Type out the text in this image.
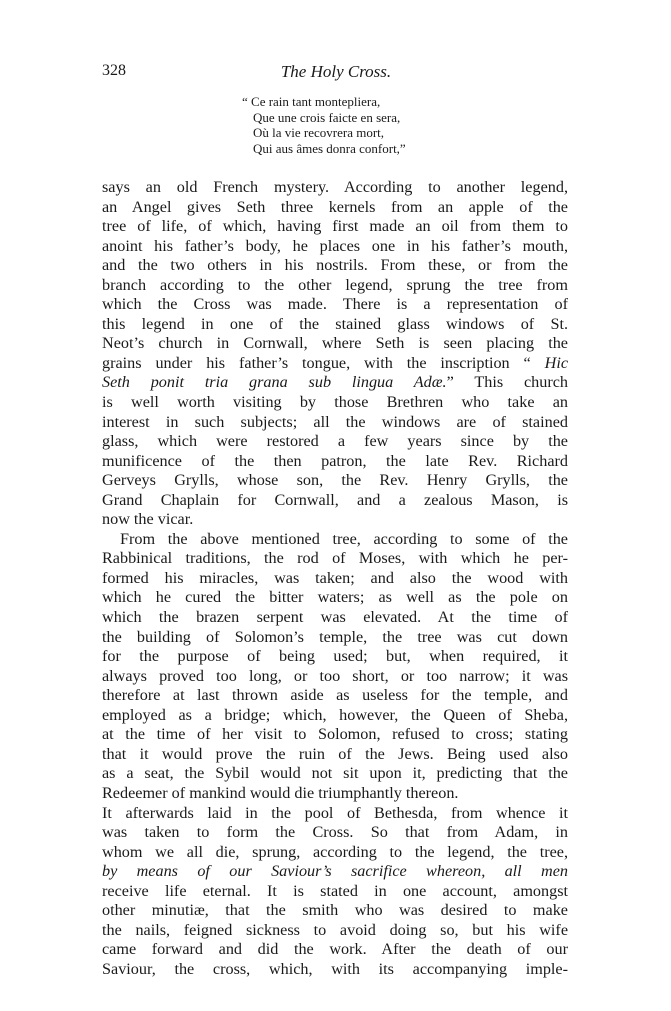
328	The Holy Cross.
“ Ce rain tant montepliera,
Que une crois faicte en sera,
Où la vie recovrera mort,
Qui aus âmes donra confort,”
says an old French mystery. According to another legend,
an Angel gives Seth three kernels from an apple of the
tree of life, of which, having first made an oil from them to
anoint his father’s body, he places one in his father’s mouth,
and the two others in his nostrils. From these, or from the
branch according to the other legend, sprung the tree from
which the Cross was made. There is a representation of
this legend in one of the stained glass windows of St.
Neot’s church in Cornwall, where Seth is seen placing the
grains under his father’s tongue, with the inscription “ Hic
Seth ponit tria grana sub lingua Adæ.” This church
is well worth visiting by those Brethren who take an
interest in such subjects; all the windows are of stained
glass, which were restored a few years since by the
munificence of the then patron, the late Rev. Richard
Gerveys Grylls, whose son, the Rev. Henry Grylls, the
Grand Chaplain for Cornwall, and a zealous Mason, is
now the vicar.
From the above mentioned tree, according to some of the
Rabbinical traditions, the rod of Moses, with which he per-
formed his miracles, was taken; and also the wood with
which he cured the bitter waters; as well as the pole on
which the brazen serpent was elevated. At the time of
the building of Solomon’s temple, the tree was cut down
for the purpose of being used; but, when required, it
always proved too long, or too short, or too narrow; it was
therefore at last thrown aside as useless for the temple, and
employed as a bridge; which, however, the Queen of Sheba,
at the time of her visit to Solomon, refused to cross; stating
that it would prove the ruin of the Jews. Being used also
as a seat, the Sybil would not sit upon it, predicting that the
Redeemer of mankind would die triumphantly thereon.
It afterwards laid in the pool of Bethesda, from whence it
was taken to form the Cross. So that from Adam, in
whom we all die, sprung, according to the legend, the tree,
by means of our Saviour’s sacrifice whereon, all men
receive life eternal. It is stated in one account, amongst
other minutiæ, that the smith who was desired to make
the nails, feigned sickness to avoid doing so, but his wife
came forward and did the work. After the death of our
Saviour, the cross, which, with its accompanying imple-
